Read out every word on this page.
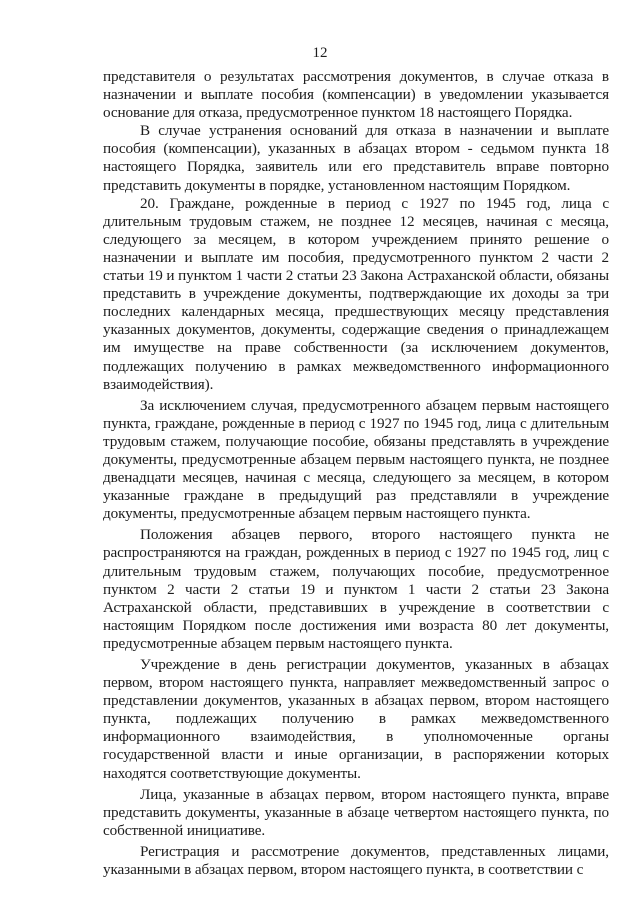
12

представителя о результатах рассмотрения документов, в случае отказа в назначении и выплате пособия (компенсации) в уведомлении указывается основание для отказа, предусмотренное пунктом 18 настоящего Порядка.

В случае устранения оснований для отказа в назначении и выплате пособия (компенсации), указанных в абзацах втором - седьмом пункта 18 настоящего Порядка, заявитель или его представитель вправе повторно представить документы в порядке, установленном настоящим Порядком.

20. Граждане, рожденные в период с 1927 по 1945 год, лица с длительным трудовым стажем, не позднее 12 месяцев, начиная с месяца, следующего за месяцем, в котором учреждением принято решение о назначении и выплате им пособия, предусмотренного пунктом 2 части 2 статьи 19 и пунктом 1 части 2 статьи 23 Закона Астраханской области, обязаны представить в учреждение документы, подтверждающие их доходы за три последних календарных месяца, предшествующих месяцу представления указанных документов, документы, содержащие сведения о принадлежащем им имуществе на праве собственности (за исключением документов, подлежащих получению в рамках межведомственного информационного взаимодействия).

За исключением случая, предусмотренного абзацем первым настоящего пункта, граждане, рожденные в период с 1927 по 1945 год, лица с длительным трудовым стажем, получающие пособие, обязаны представлять в учреждение документы, предусмотренные абзацем первым настоящего пункта, не позднее двенадцати месяцев, начиная с месяца, следующего за месяцем, в котором указанные граждане в предыдущий раз представляли в учреждение документы, предусмотренные абзацем первым настоящего пункта.

Положения абзацев первого, второго настоящего пункта не распространяются на граждан, рожденных в период с 1927 по 1945 год, лиц с длительным трудовым стажем, получающих пособие, предусмотренное пунктом 2 части 2 статьи 19 и пунктом 1 части 2 статьи 23 Закона Астраханской области, представивших в учреждение в соответствии с настоящим Порядком после достижения ими возраста 80 лет документы, предусмотренные абзацем первым настоящего пункта.

Учреждение в день регистрации документов, указанных в абзацах первом, втором настоящего пункта, направляет межведомственный запрос о представлении документов, указанных в абзацах первом, втором настоящего пункта, подлежащих получению в рамках межведомственного информационного взаимодействия, в уполномоченные органы государственной власти и иные организации, в распоряжении которых находятся соответствующие документы.

Лица, указанные в абзацах первом, втором настоящего пункта, вправе представить документы, указанные в абзаце четвертом настоящего пункта, по собственной инициативе.

Регистрация и рассмотрение документов, представленных лицами, указанными в абзацах первом, втором настоящего пункта, в соответствии с
